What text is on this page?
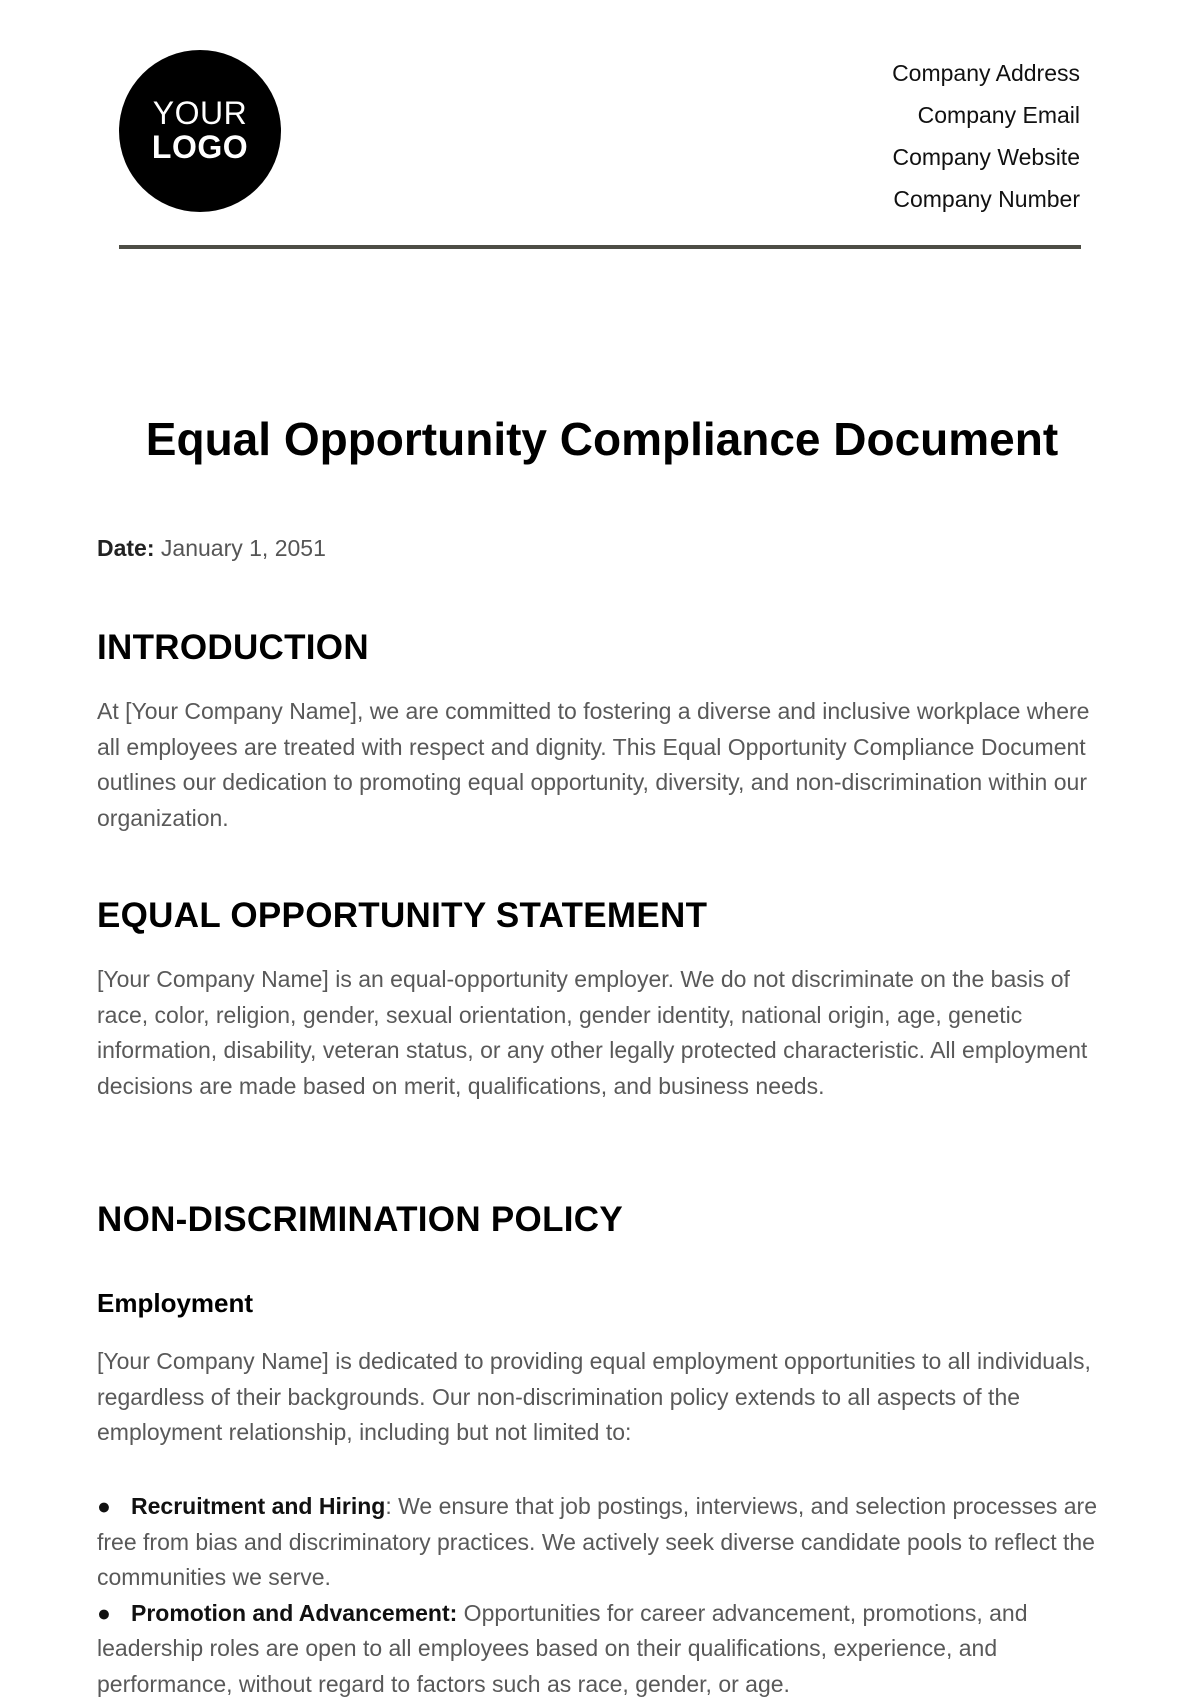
YOUR
LOGO
Company Address
Company Email
Company Website
Company Number
Equal Opportunity Compliance Document

Date: January 1, 2051

INTRODUCTION

At [Your Company Name], we are committed to fostering a diverse and inclusive workplace where all employees are treated with respect and dignity. This Equal Opportunity Compliance Document outlines our dedication to promoting equal opportunity, diversity, and non-discrimination within our organization.

EQUAL OPPORTUNITY STATEMENT

[Your Company Name] is an equal-opportunity employer. We do not discriminate on the basis of race, color, religion, gender, sexual orientation, gender identity, national origin, age, genetic information, disability, veteran status, or any other legally protected characteristic. All employment decisions are made based on merit, qualifications, and business needs.

NON-DISCRIMINATION POLICY
Employment

[Your Company Name] is dedicated to providing equal employment opportunities to all individuals, regardless of their backgrounds. Our non-discrimination policy extends to all aspects of the employment relationship, including but not limited to:

● Recruitment and Hiring: We ensure that job postings, interviews, and selection processes are free from bias and discriminatory practices. We actively seek diverse candidate pools to reflect the communities we serve.
● Promotion and Advancement: Opportunities for career advancement, promotions, and leadership roles are open to all employees based on their qualifications, experience, and performance, without regard to factors such as race, gender, or age.
